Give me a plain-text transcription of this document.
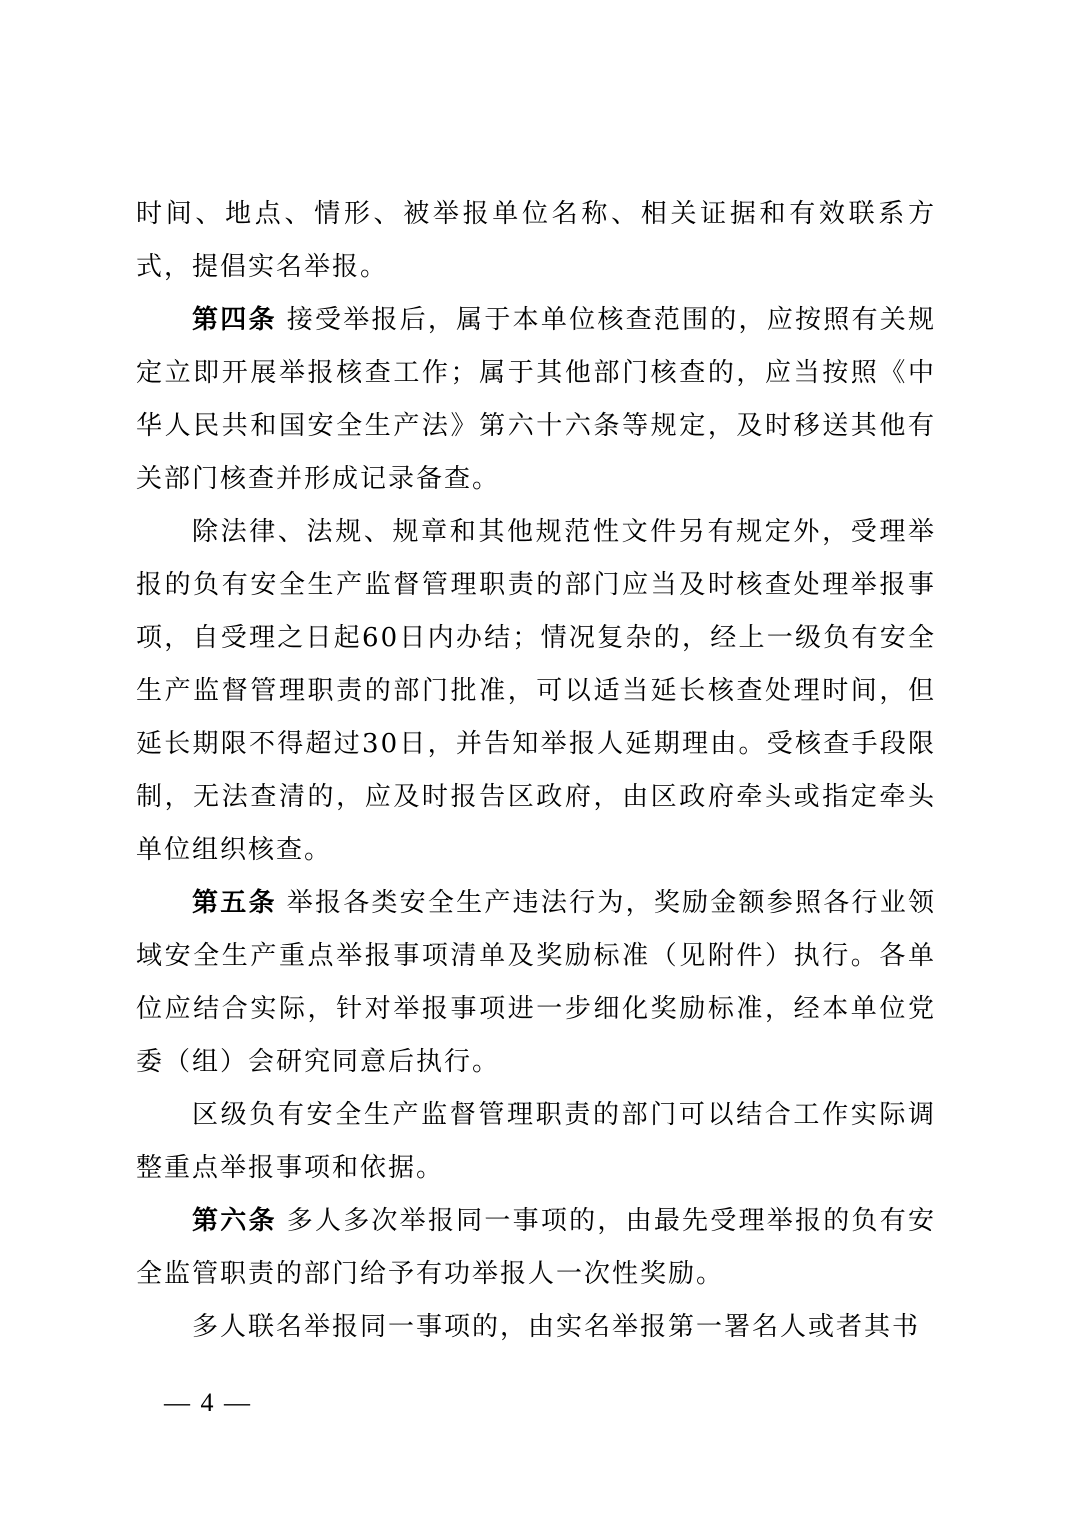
时间、地点、情形、被举报单位名称、相关证据和有效联系方式，提倡实名举报。

第四条 接受举报后，属于本单位核查范围的，应按照有关规定立即开展举报核查工作；属于其他部门核查的，应当按照《中华人民共和国安全生产法》第六十六条等规定，及时移送其他有关部门核查并形成记录备查。

除法律、法规、规章和其他规范性文件另有规定外，受理举报的负有安全生产监督管理职责的部门应当及时核查处理举报事项，自受理之日起60日内办结；情况复杂的，经上一级负有安全生产监督管理职责的部门批准，可以适当延长核查处理时间，但延长期限不得超过30日，并告知举报人延期理由。受核查手段限制，无法查清的，应及时报告区政府，由区政府牵头或指定牵头单位组织核查。

第五条 举报各类安全生产违法行为，奖励金额参照各行业领域安全生产重点举报事项清单及奖励标准（见附件）执行。各单位应结合实际，针对举报事项进一步细化奖励标准，经本单位党委（组）会研究同意后执行。

区级负有安全生产监督管理职责的部门可以结合工作实际调整重点举报事项和依据。

第六条 多人多次举报同一事项的，由最先受理举报的负有安全监管职责的部门给予有功举报人一次性奖励。

多人联名举报同一事项的，由实名举报第一署名人或者其书

— 4 —
